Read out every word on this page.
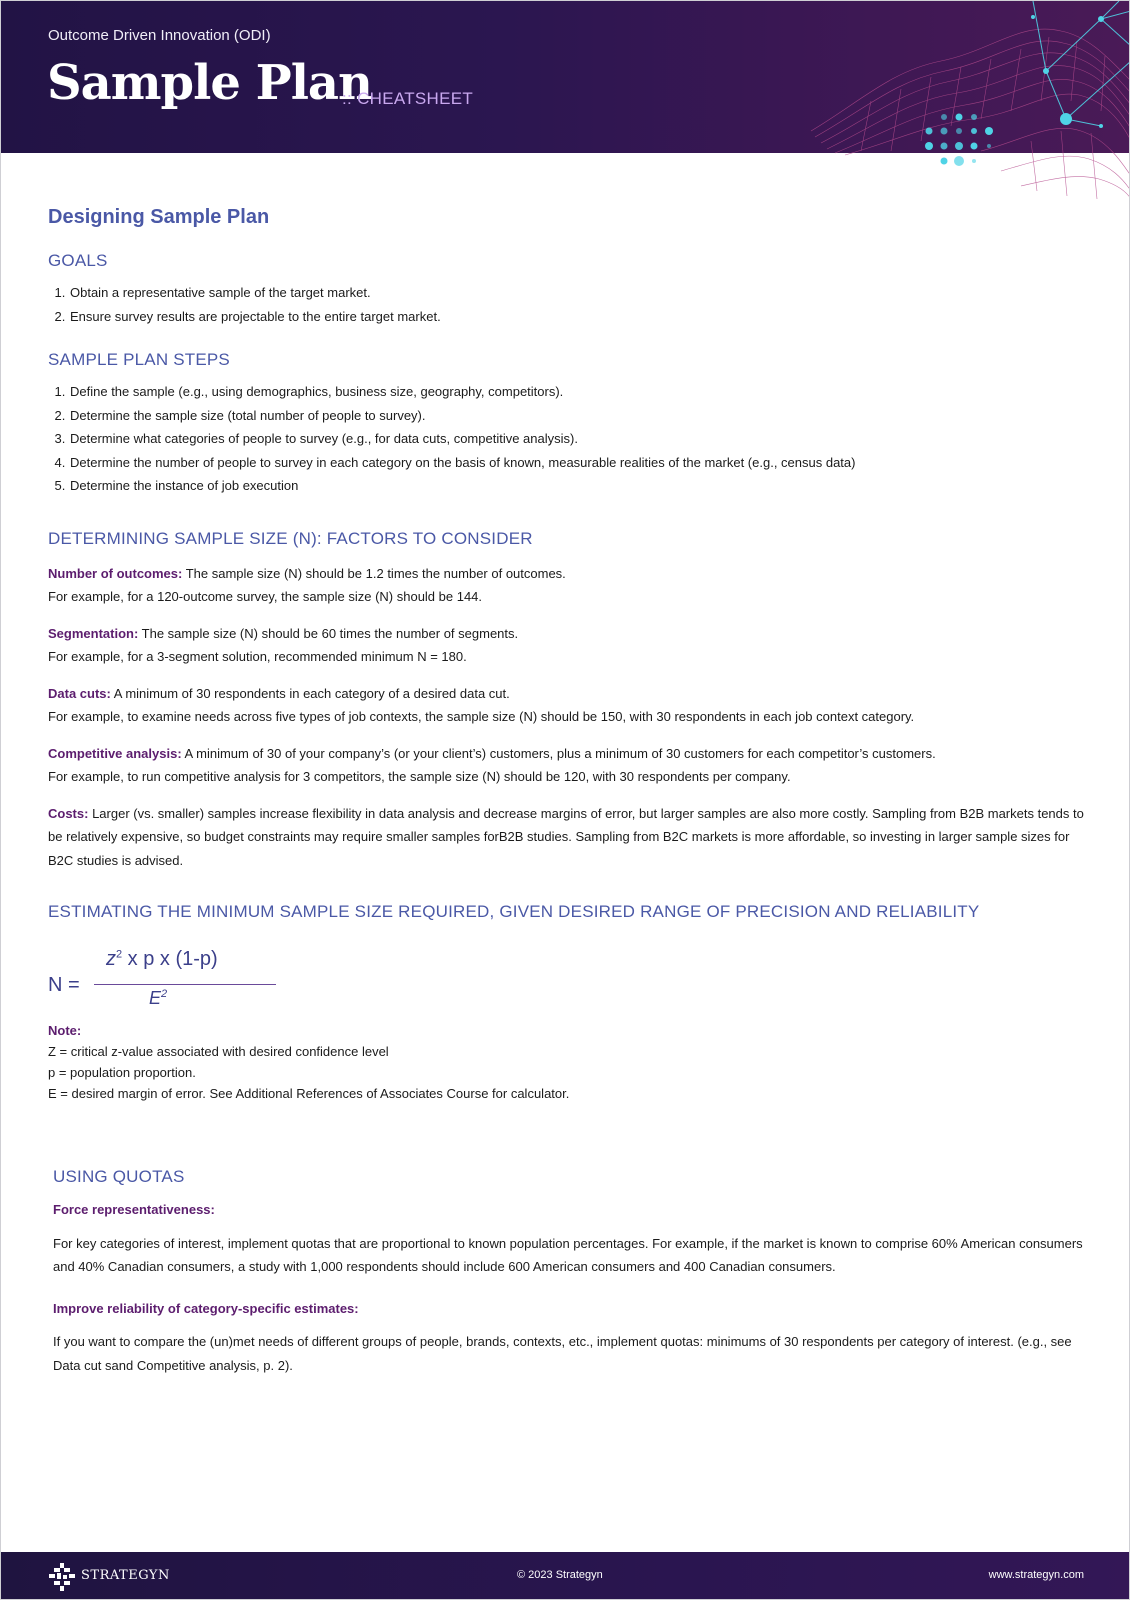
Outcome Driven Innovation (ODI)
Sample Plan
:: CHEATSHEET
Designing Sample Plan
GOALS
1. Obtain a representative sample of the target market.
2. Ensure survey results are projectable to the entire target market.
SAMPLE PLAN STEPS
1. Define the sample (e.g., using demographics, business size, geography, competitors).
2. Determine the sample size (total number of people to survey).
3. Determine what categories of people to survey (e.g., for data cuts, competitive analysis).
4. Determine the number of people to survey in each category on the basis of known, measurable realities of the market (e.g., census data)
5. Determine the instance of job execution
DETERMINING SAMPLE SIZE (N): FACTORS TO CONSIDER

Number of outcomes: The sample size (N) should be 1.2 times the number of outcomes.

For example, for a 120-outcome survey, the sample size (N) should be 144.

Segmentation: The sample size (N) should be 60 times the number of segments.

For example, for a 3-segment solution, recommended minimum N = 180.

Data cuts: A minimum of 30 respondents in each category of a desired data cut.

For example, to examine needs across five types of job contexts, the sample size (N) should be 150, with 30 respondents in each job context category.

Competitive analysis: A minimum of 30 of your company’s (or your client’s) customers, plus a minimum of 30 customers for each competitor’s customers.

For example, to run competitive analysis for 3 competitors, the sample size (N) should be 120, with 30 respondents per company.

Costs: Larger (vs. smaller) samples increase flexibility in data analysis and decrease margins of error, but larger samples are also more costly. Sampling from B2B markets tends to be relatively expensive, so budget constraints may require smaller samples forB2B studies. Sampling from B2C markets is more affordable, so investing in larger sample sizes for B2C studies is advised.

ESTIMATING THE MINIMUM SAMPLE SIZE REQUIRED, GIVEN DESIRED RANGE OF PRECISION AND RELIABILITY
N =
$z^2$ x p x (1-p)
$E^2$

Note:

Z = critical z-value associated with desired confidence level

p = population proportion.

E = desired margin of error. See Additional References of Associates Course for calculator.

USING QUOTAS

Force representativeness:

For key categories of interest, implement quotas that are proportional to known population percentages. For example, if the market is known to comprise 60% American consumers and 40% Canadian consumers, a study with 1,000 respondents should include 600 American consumers and 400 Canadian consumers.

Improve reliability of category-specific estimates:

If you want to compare the (un)met needs of different groups of people, brands, contexts, etc., implement quotas: minimums of 30 respondents per category of interest. (e.g., see Data cut sand Competitive analysis, p. 2).

STRATEGYN	© 2023 Strategyn	www.strategyn.com
